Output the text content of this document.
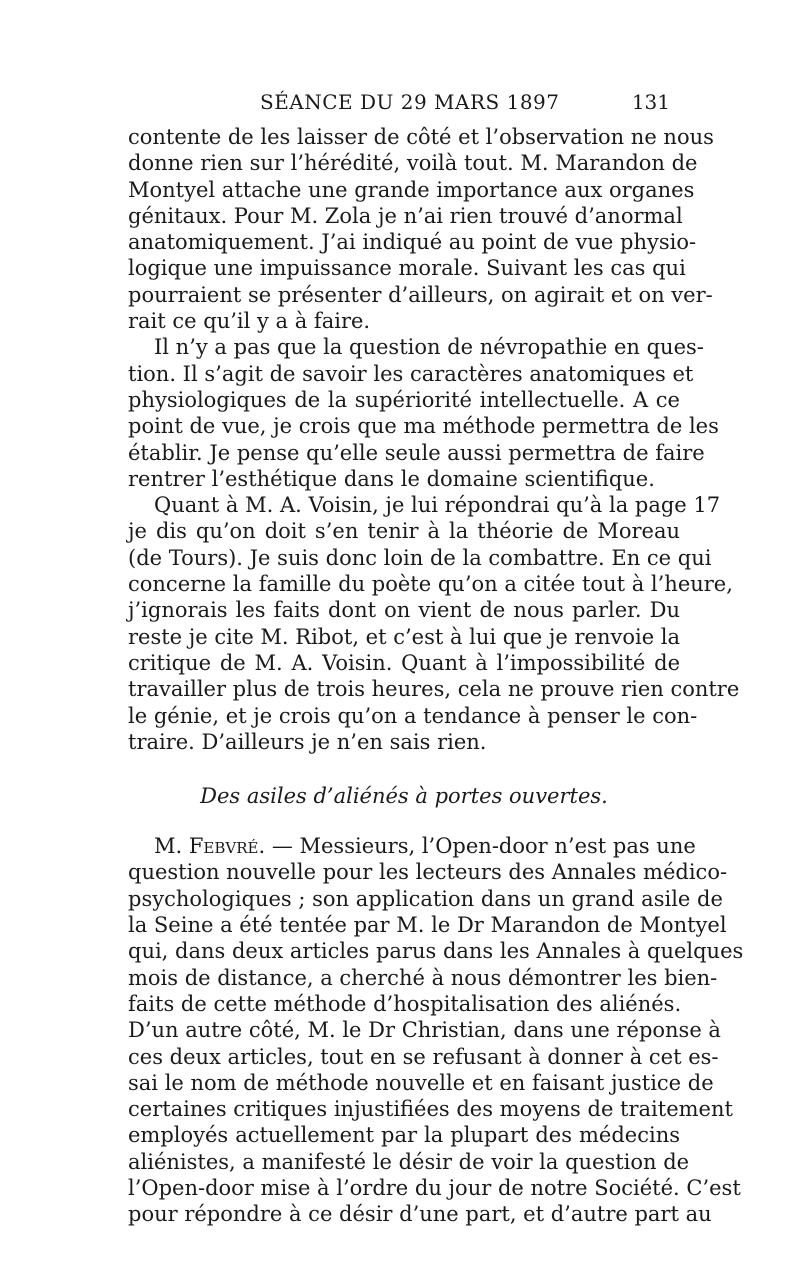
SÉANCE DU 29 MARS 1897	131
contente de les laisser de côté et l’observation ne nous
donne rien sur l’hérédité, voilà tout. M. Marandon de
Montyel attache une grande importance aux organes
génitaux. Pour M. Zola je n’ai rien trouvé d’anormal
anatomiquement. J’ai indiqué au point de vue physio-
logique une impuissance morale. Suivant les cas qui
pourraient se présenter d’ailleurs, on agirait et on ver-
rait ce qu’il y a à faire.
Il n’y a pas que la question de névropathie en ques-
tion. Il s’agit de savoir les caractères anatomiques et
physiologiques de la supériorité intellectuelle. A ce
point de vue, je crois que ma méthode permettra de les
établir. Je pense qu’elle seule aussi permettra de faire
rentrer l’esthétique dans le domaine scientifique.
Quant à M. A. Voisin, je lui répondrai qu’à la page 17
je dis qu’on doit s’en tenir à la théorie de Moreau
(de Tours). Je suis donc loin de la combattre. En ce qui
concerne la famille du poète qu’on a citée tout à l’heure,
j’ignorais les faits dont on vient de nous parler. Du
reste je cite M. Ribot, et c’est à lui que je renvoie la
critique de M. A. Voisin. Quant à l’impossibilité de
travailler plus de trois heures, cela ne prouve rien contre
le génie, et je crois qu’on a tendance à penser le con-
traire. D’ailleurs je n’en sais rien.
Des asiles d’aliénés à portes ouvertes.
M. Febvré. — Messieurs, l’Open-door n’est pas une
question nouvelle pour les lecteurs des Annales médico-
psychologiques ; son application dans un grand asile de
la Seine a été tentée par M. le Dr Marandon de Montyel
qui, dans deux articles parus dans les Annales à quelques
mois de distance, a cherché à nous démontrer les bien-
faits de cette méthode d’hospitalisation des aliénés.
D’un autre côté, M. le Dr Christian, dans une réponse à
ces deux articles, tout en se refusant à donner à cet es-
sai le nom de méthode nouvelle et en faisant justice de
certaines critiques injustifiées des moyens de traitement
employés actuellement par la plupart des médecins
aliénistes, a manifesté le désir de voir la question de
l’Open-door mise à l’ordre du jour de notre Société. C’est
pour répondre à ce désir d’une part, et d’autre part au
